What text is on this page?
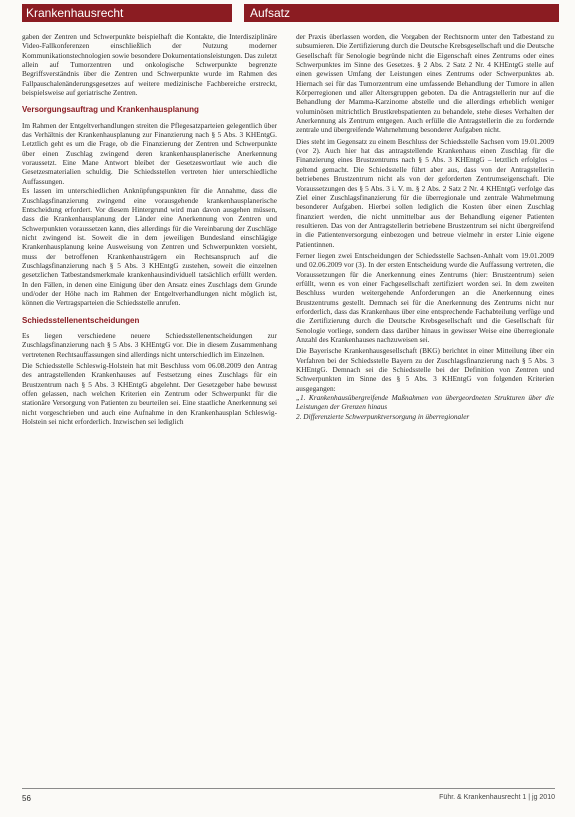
Krankenhausrecht	Aufsatz

gaben der Zentren und Schwerpunkte beispielhaft die Kontakte, die Interdisziplinäre Video-Fallkonferenzen einschließlich der Nutzung moderner Kommunikationstechnologien sowie besondere Dokumentationsleistungen. Das zuletzt allein auf Tumorzentren und onkologische Schwerpunkte begrenzte Begriffsverständnis über die Zentren und Schwerpunkte wurde im Rahmen des Fallpauschalenänderungsgesetzes auf weitere medizinische Fachbereiche erstreckt, beispielsweise auf geriatrische Zentren.

Versorgungsauftrag und Krankenhausplanung

Im Rahmen der Entgeltverhandlungen streiten die Pflegesatzparteien gelegentlich über das Verhältnis der Krankenhausplanung zur Finanzierung nach § 5 Abs. 3 KHEntgG. Letztlich geht es um die Frage, ob die Finanzierung der Zentren und Schwerpunkte über einen Zuschlag zwingend deren krankenhausplanerische Anerkennung voraussetzt. Eine Mane Antwort bleibet der Gesetzeswortlaut wie auch die Gesetzesmaterialien schuldig. Die Schiedsstellen vertreten hier unterschiedliche Auffassungen.

Es lassen im unterschiedlichen Anknüpfungspunkten für die Annahme, dass die Zuschlagsfinanzierung zwingend eine vorausgehende krankenhausplanerische Entscheidung erfordert. Vor diesem Hintergrund wird man davon ausgehen müssen, dass die Krankenhausplanung der Länder eine Anerkennung von Zentren und Schwerpunkten voraussetzen kann, dies allerdings für die Vereinbarung der Zuschläge nicht zwingend ist. Soweit die in dem jeweiligen Bundesland einschlägige Krankenhausplanung keine Ausweisung von Zentren und Schwerpunkten vorsieht, muss der betroffenen Krankenhausträgern ein Rechtsanspruch auf die Zuschlagsfinanzierung nach § 5 Abs. 3 KHEntgG zustehen, soweit die einzelnen gesetzlichen Tatbestandsmerkmale krankenhausindividuell tatsächlich erfüllt werden. In den Fällen, in denen eine Einigung über den Ansatz eines Zuschlags dem Grunde und/oder der Höhe nach im Rahmen der Entgeltverhandlungen nicht möglich ist, können die Vertragsparteien die Schiedsstelle anrufen.

Schiedsstellenentscheidungen

Es liegen verschiedene neuere Schiedsstellenentscheidungen zur Zuschlagsfinanzierung nach § 5 Abs. 3 KHEntgG vor. Die in diesem Zusammenhang vertretenen Rechtsauffassungen sind allerdings nicht unterschiedlich im Einzelnen.

Die Schiedsstelle Schleswig-Holstein hat mit Beschluss vom 06.08.2009 den Antrag des antragstellenden Krankenhauses auf Festsetzung eines Zuschlags für ein Brustzentrum nach § 5 Abs. 3 KHEntgG abgelehnt. Der Gesetzgeber habe bewusst offen gelassen, nach welchen Kriterien ein Zentrum oder Schwerpunkt für die stationäre Versorgung von Patienten zu beurteilen sei. Eine staatliche Anerkennung sei nicht vorgeschrieben und auch eine Aufnahme in den Krankenhausplan Schleswig-Holstein sei nicht erforderlich. Inzwischen sei lediglich

der Praxis überlassen worden, die Vorgaben der Rechtsnorm unter den Tatbestand zu subsumieren. Die Zertifizierung durch die Deutsche Krebsgesellschaft und die Deutsche Gesellschaft für Senologie begründe nicht die Eigenschaft eines Zentrums oder eines Schwerpunktes im Sinne des Gesetzes. § 2 Abs. 2 Satz 2 Nr. 4 KHEntgG stelle auf einen gewissen Umfang der Leistungen eines Zentrums oder Schwerpunktes ab. Hiernach sei für das Tumorzentrum eine umfassende Behandlung der Tumore in allen Körperregionen und aller Altersgruppen geboten. Da die Antragstellerin nur auf die Behandlung der Mamma-Karzinome abstelle und die allerdings erheblich weniger voluminösen mitrichtlich Brustkrebspatienten zu behandele, stehe dieses Verhalten der Anerkennung als Zentrum entgegen. Auch erfülle die Antragstellerin die zu fordernde zentrale und übergreifende Wahrnehmung besonderer Aufgaben nicht.

Dies steht im Gegensatz zu einem Beschluss der Schiedsstelle Sachsen vom 19.01.2009 (vor 2). Auch hier hat das antragstellende Krankenhaus einen Zuschlag für die Finanzierung eines Brustzentrums nach § 5 Abs. 3 KHEntgG – letztlich erfolglos – geltend gemacht. Die Schiedsstelle führt aber aus, dass von der Antragstellerin betriebenes Brustzentrum nicht als von der geforderten Zentrumseigenschaft. Die Voraussetzungen des § 5 Abs. 3 i. V. m. § 2 Abs. 2 Satz 2 Nr. 4 KHEntgG verfolge das Ziel einer Zuschlagsfinanzierung für die überregionale und zentrale Wahrnehmung besonderer Aufgaben. Hierbei sollen lediglich die Kosten über einen Zuschlag finanziert werden, die nicht unmittelbar aus der Behandlung eigener Patienten resultieren. Das von der Antragstellerin betriebene Brustzentrum sei nicht übergreifend in die Patientenversorgung einbezogen und betreue vielmehr in erster Linie eigene Patientinnen.

Ferner liegen zwei Entscheidungen der Schiedsstelle Sachsen-Anhalt vom 19.01.2009 und 02.06.2009 vor (3). In der ersten Entscheidung wurde die Auffassung vertreten, die Voraussetzungen für die Anerkennung eines Zentrums (hier: Brustzentrum) seien erfüllt, wenn es von einer Fachgesellschaft zertifiziert worden sei. In dem zweiten Beschluss wurden weitergehende Anforderungen an die Anerkennung eines Brustzentrums gestellt. Demnach sei für die Anerkennung des Zentrums nicht nur erforderlich, dass das Krankenhaus über eine entsprechende Fachabteilung verfüge und die Zertifizierung durch die Deutsche Krebsgesellschaft und die Gesellschaft für Senologie vorliege, sondern dass darüber hinaus in gewisser Weise eine überregionale Anzahl des Krankenhauses nachzuweisen sei.

Die Bayerische Krankenhausgesellschaft (BKG) berichtet in einer Mitteilung über ein Verfahren bei der Schiedsstelle Bayern zu der Zuschlagsfinanzierung nach § 5 Abs. 3 KHEntgG. Demnach sei die Schiedsstelle bei der Definition von Zentren und Schwerpunkten im Sinne des § 5 Abs. 3 KHEntgG von folgenden Kriterien ausgegangen:

„1. Krankenhausübergreifende Maßnahmen von übergeordneten Strukturen über die Leistungen der Grenzen hinaus

2. Differenzierte Schwerpunktversorgung in überregionaler

56	Führ. & Krankenhausrecht 1 | jg 2010
